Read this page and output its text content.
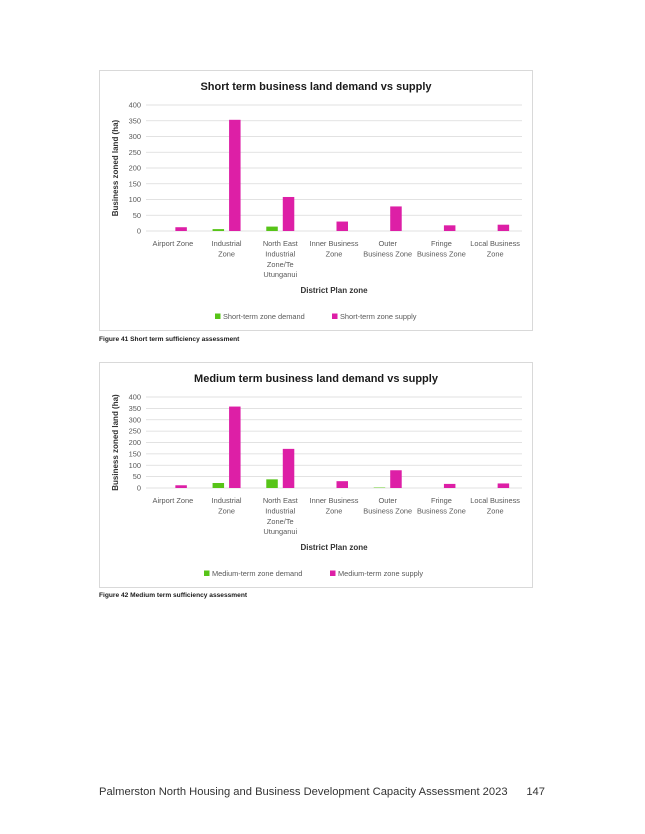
Short term business land demand vs supply
0
50
100
150
200
250
300
350
400
Business zoned land (ha)
Airport Zone Industrial
Zone
North East
Industrial
Zone/Te
Utunganui
Inner Business
Zone
Outer
Business Zone
Fringe
Business Zone
Local Business
Zone
District Plan zone
Short-term zone demand	Short-term zone supply
Figure 41 Short term sufficiency assessment
Medium term business land demand vs supply
0
50
100
150
200
250
300
350
400
Business zoned land (ha)
Airport Zone Industrial
Zone
North East
Industrial
Zone/Te
Utunganui
Inner Business
Zone
Outer
Business Zone
Fringe
Business Zone
Local Business
Zone
District Plan zone
Medium-term zone demand	Medium-term zone supply
Figure 42 Medium term sufficiency assessment
Palmerston North Housing and Business Development Capacity Assessment 2023 147
